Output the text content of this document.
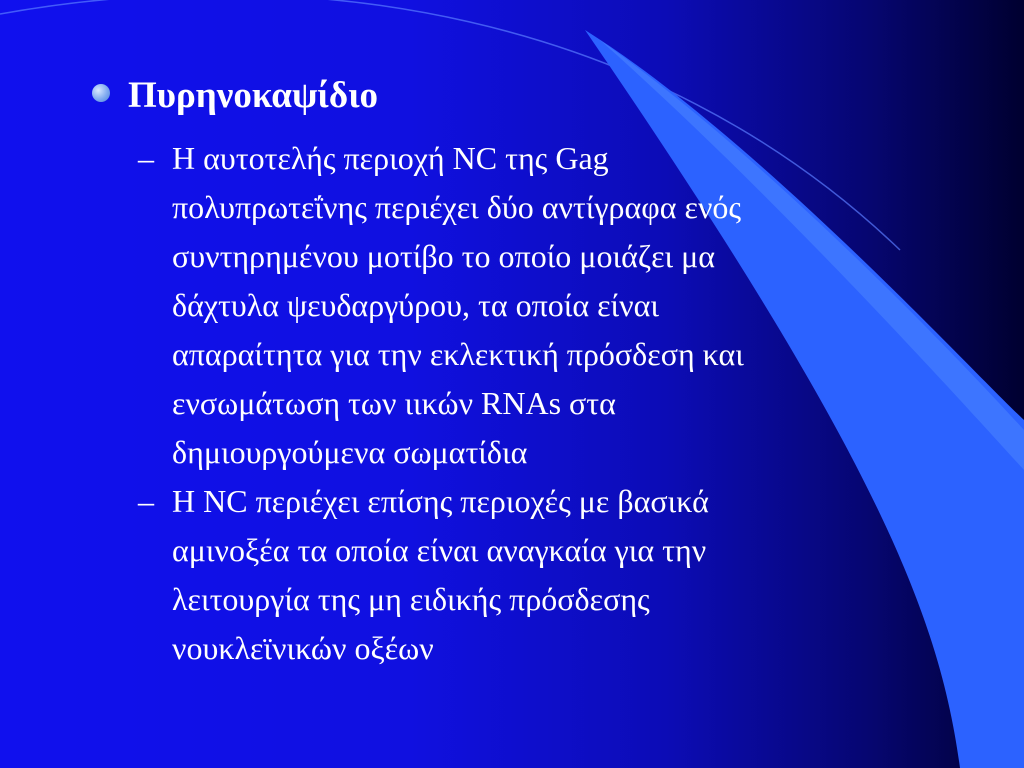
Πυρηνοκαψίδιο
– Η αυτοτελής περιοχή NC της Gag
πολυπρωτεΐνης περιέχει δύο αντίγραφα ενός
συντηρημένου μοτίβο το οποίο μοιάζει μα
δάχτυλα ψευδαργύρου, τα οποία είναι
απαραίτητα για την εκλεκτική πρόσδεση και
ενσωμάτωση των ιικών RNAs στα
δημιουργούμενα σωματίδια
– Η NC περιέχει επίσης περιοχές με βασικά
αμινοξέα τα οποία είναι αναγκαία για την
λειτουργία της μη ειδικής πρόσδεσης
νουκλεϊνικών οξέων
